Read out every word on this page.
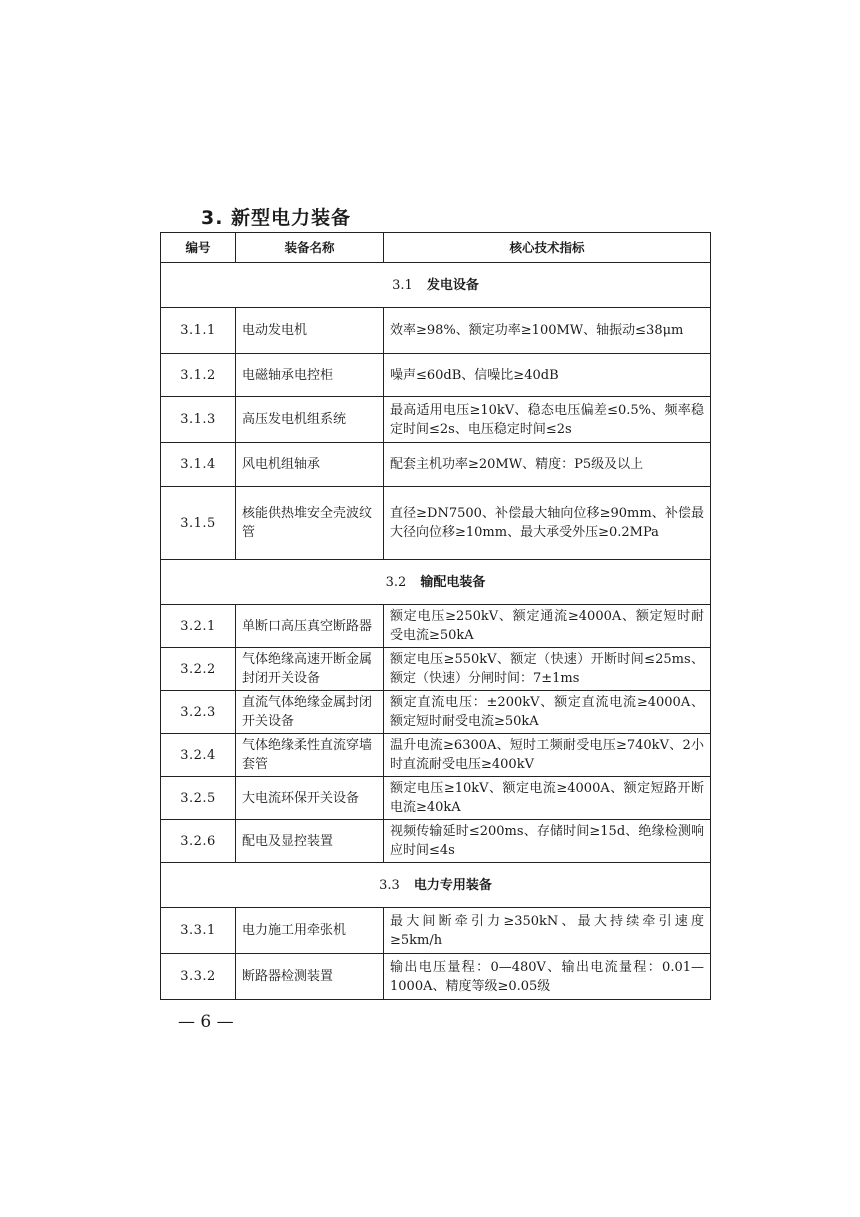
3. 新型电力装备
编号	装备名称	核心技术指标
3.1 发电设备		
3.1.1	电动发电机	效率≥98%、额定功率≥100MW、轴振动≤38μm
3.1.2	电磁轴承电控柜	噪声≤60dB、信噪比≥40dB
3.1.3	高压发电机组系统	最高适用电压≥10kV、稳态电压偏差≤0.5%、频率稳定时间≤2s、电压稳定时间≤2s
3.1.4	风电机组轴承	配套主机功率≥20MW、精度：P5级及以上
3.1.5	核能供热堆安全壳波纹管	直径≥DN7500、补偿最大轴向位移≥90mm、补偿最大径向位移≥10mm、最大承受外压≥0.2MPa
3.2 输配电装备		
3.2.1	单断口高压真空断路器	额定电压≥250kV、额定通流≥4000A、额定短时耐受电流≥50kA
3.2.2	气体绝缘高速开断金属封闭开关设备	额定电压≥550kV、额定（快速）开断时间≤25ms、额定（快速）分闸时间：7±1ms
3.2.3	直流气体绝缘金属封闭开关设备	额定直流电压：±200kV、额定直流电流≥4000A、额定短时耐受电流≥50kA
3.2.4	气体绝缘柔性直流穿墙套管	温升电流≥6300A、短时工频耐受电压≥740kV、2小时直流耐受电压≥400kV
3.2.5	大电流环保开关设备	额定电压≥10kV、额定电流≥4000A、额定短路开断电流≥40kA
3.2.6	配电及显控装置	视频传输延时≤200ms、存储时间≥15d、绝缘检测响应时间≤4s
3.3 电力专用装备		
3.3.1	电力施工用牵张机	最大间断牵引力≥350kN、最大持续牵引速度≥5km/h
3.3.2	断路器检测装置	输出电压量程：0—480V、输出电流量程：0.01—1000A、精度等级≥0.05级
— 6 —
